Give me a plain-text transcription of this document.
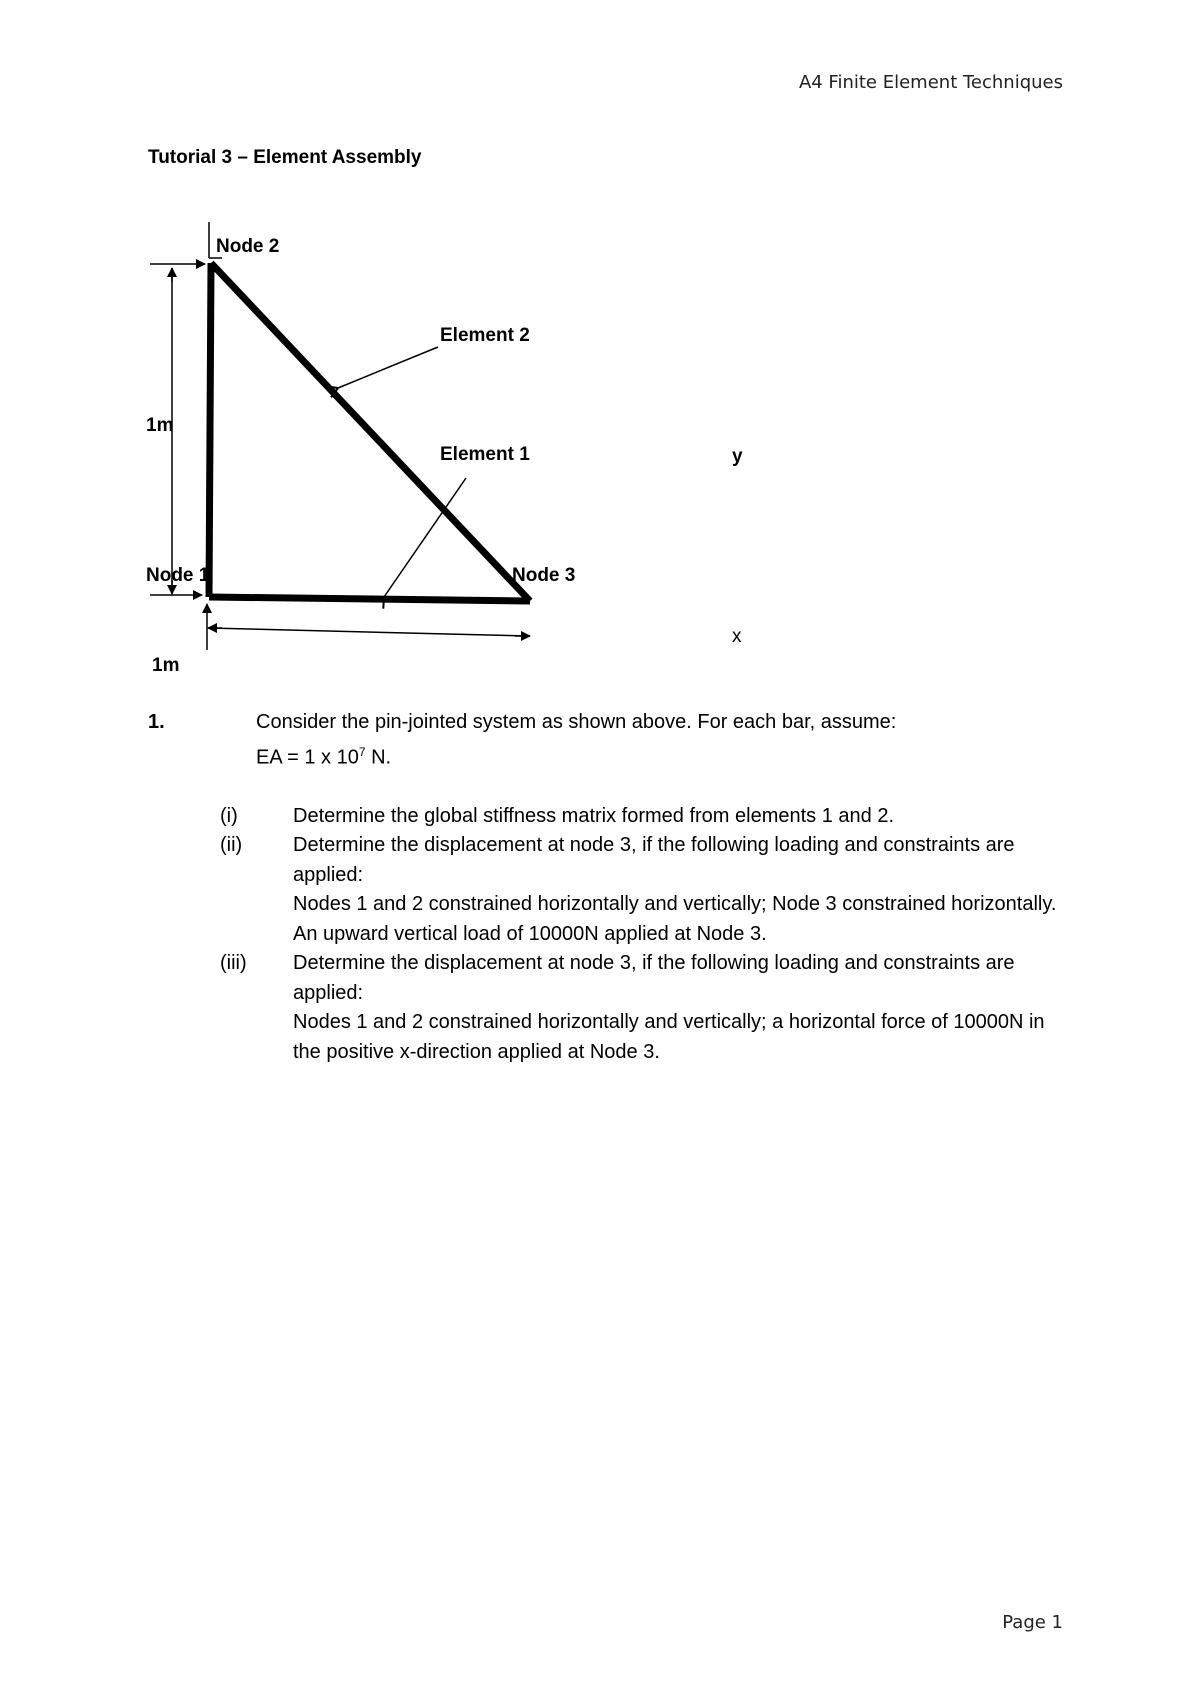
A4 Finite Element Techniques
Tutorial 3 – Element Assembly
Node 2
Element 2
1m
Element 1	y
Node 1	Node 3
x
1m
1.	Consider the pin-jointed system as shown above. For each bar, assume:
EA = 1 x $10^7$ N.
(i)	Determine the global stiffness matrix formed from elements 1 and 2.
(ii)	Determine the displacement at node 3, if the following loading and constraints are applied:
Nodes 1 and 2 constrained horizontally and vertically; Node 3 constrained horizontally. An upward vertical load of 10000N applied at Node 3.
(iii)	Determine the displacement at node 3, if the following loading and constraints are applied:
Nodes 1 and 2 constrained horizontally and vertically; a horizontal force of 10000N in the positive x-direction applied at Node 3.
Page 1
